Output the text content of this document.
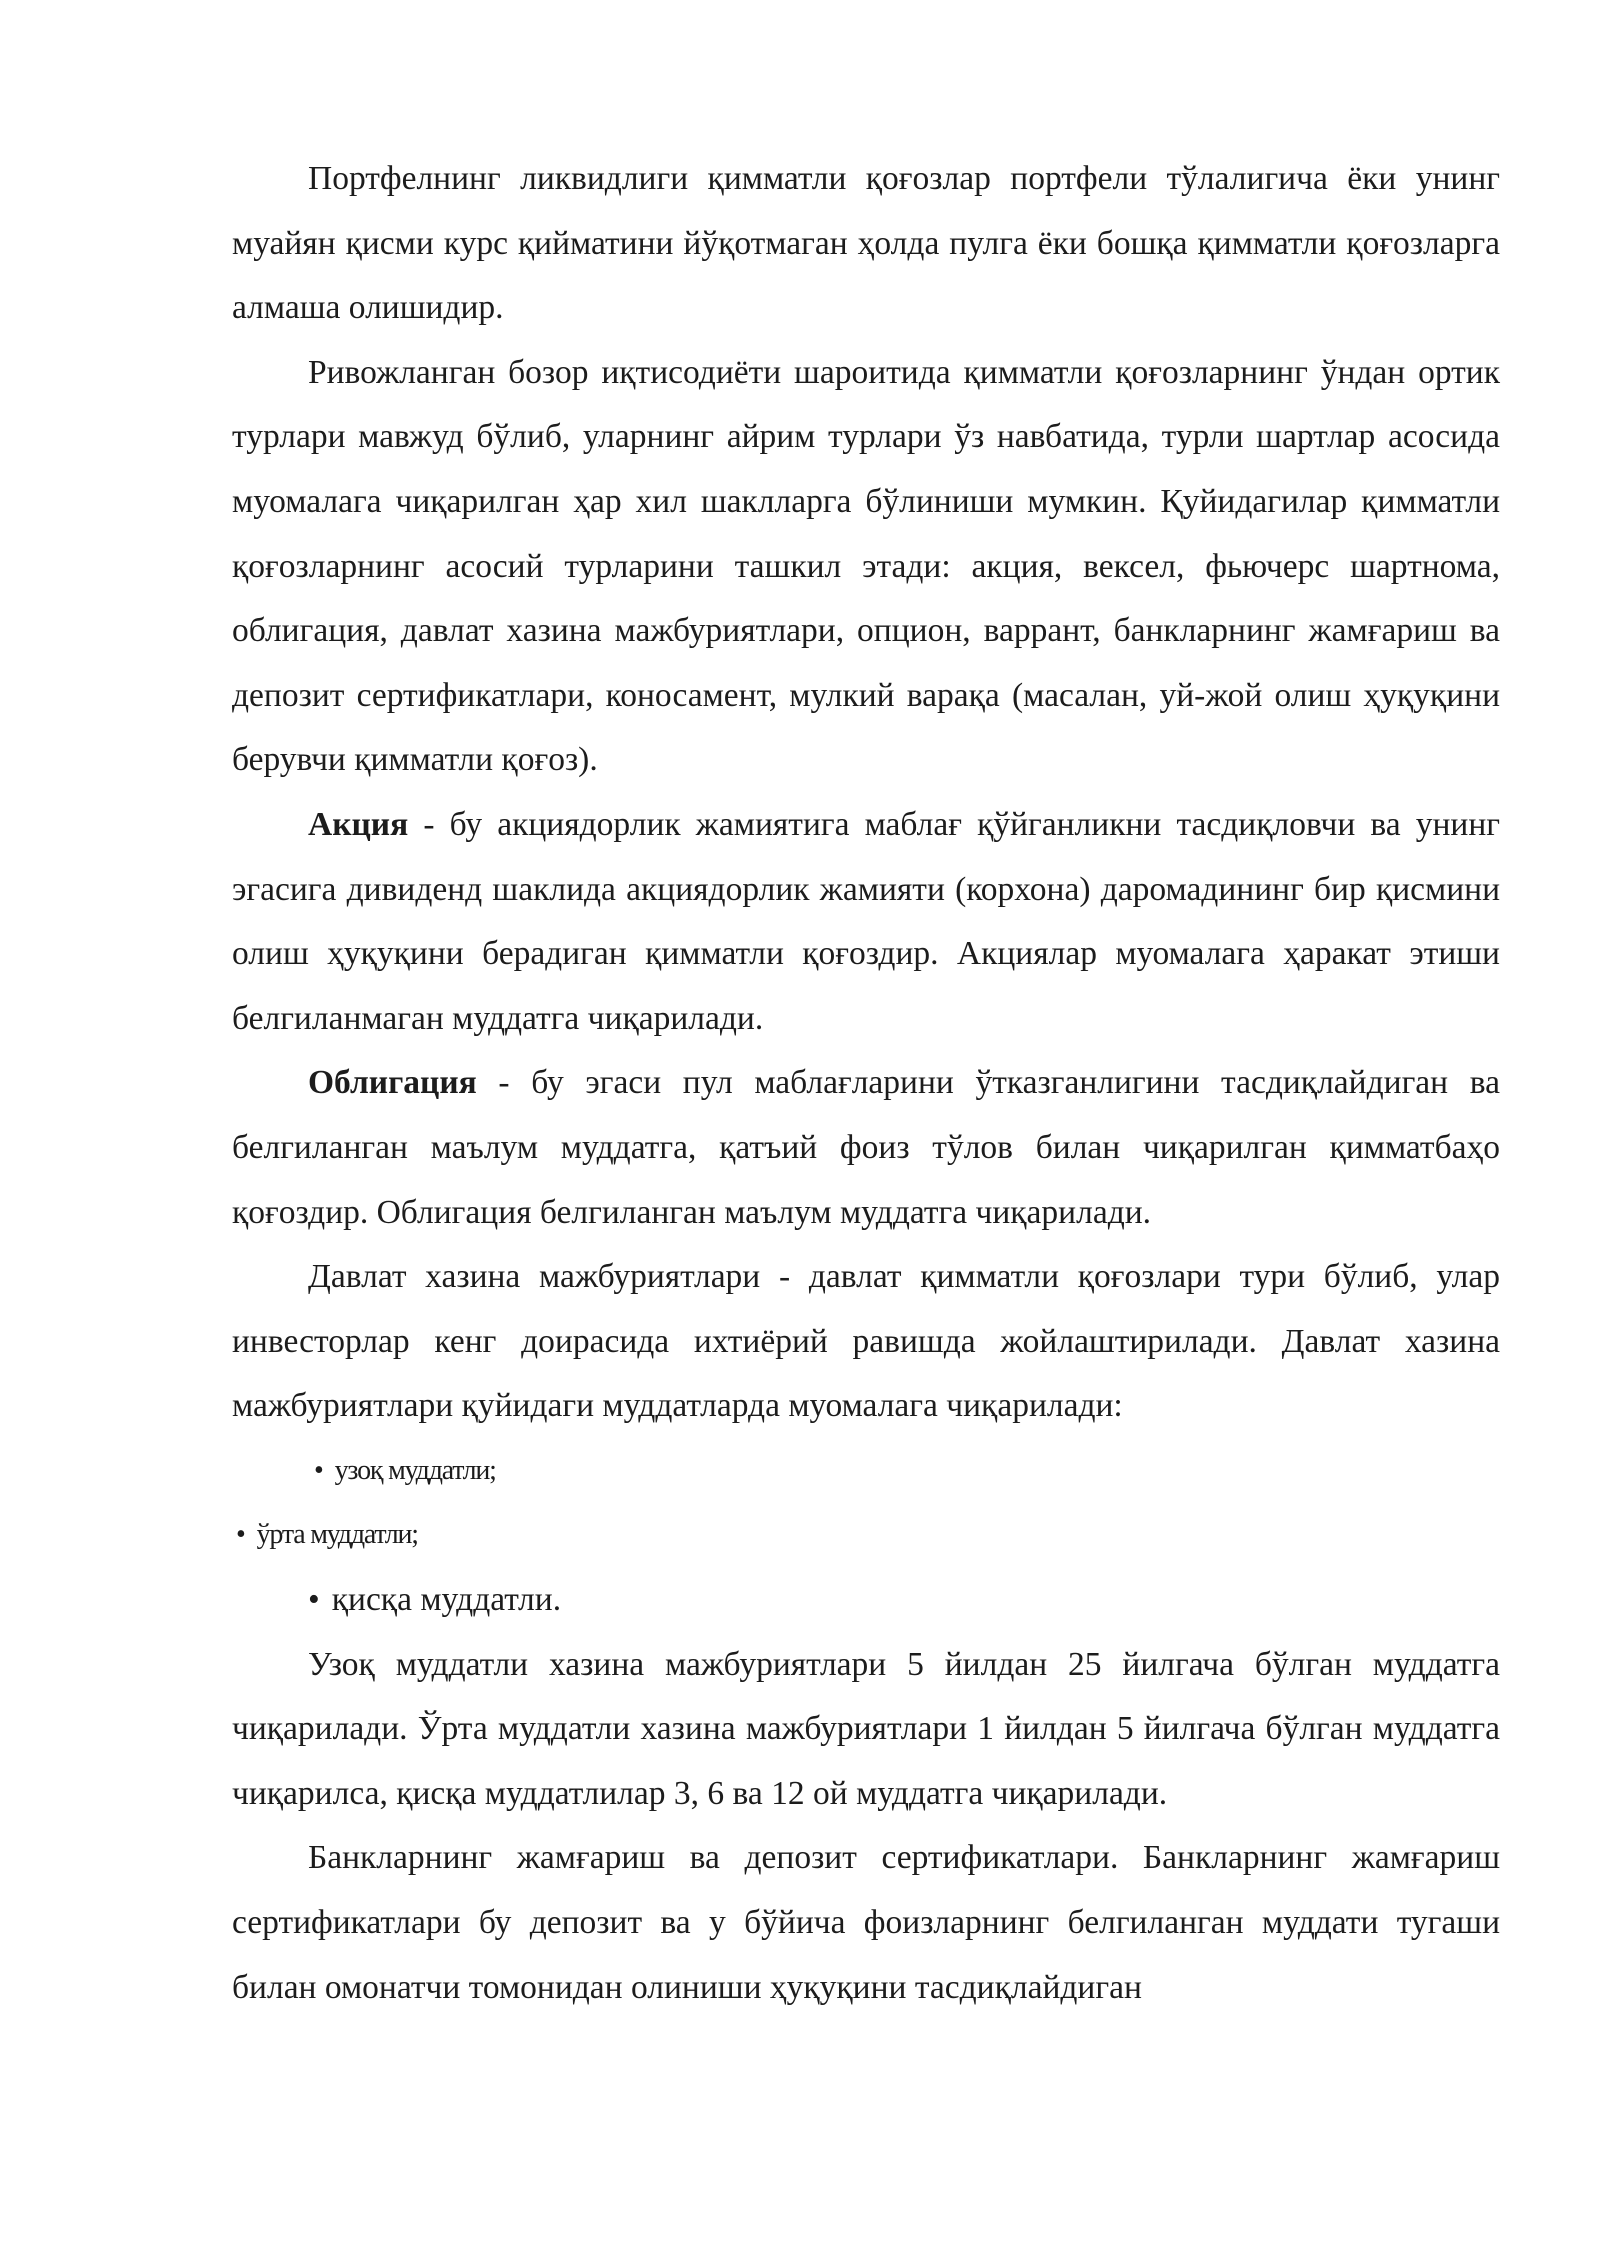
Портфелнинг ликвидлиги қимматли қоғозлар портфели тўлалигича ёки унинг муайян қисми курс қийматини йўқотмаган ҳолда пулга ёки бошқа қимматли қоғозларга алмаша олишидир.

Ривожланган бозор иқтисодиёти шароитида қимматли қоғозларнинг ўндан ортик турлари мавжуд бўлиб, уларнинг айрим турлари ўз навбатида, турли шартлар асосида муомалага чиқарилган ҳар хил шаклларга бўлиниши мумкин. Қуйидагилар қимматли қоғозларнинг асосий турларини ташкил этади: акция, вексел, фьючерс шартнома, облигация, давлат хазина мажбуриятлари, опцион, варрант, банкларнинг жамғариш ва депозит сертификатлари, коносамент, мулкий варақа (масалан, уй-жой олиш ҳуқуқини берувчи қимматли қоғоз).

Акция - бу акциядорлик жамиятига маблағ қўйганликни тасдиқловчи ва унинг эгасига дивиденд шаклида акциядорлик жамияти (корхона) даромадининг бир қисмини олиш ҳуқуқини берадиган қимматли қоғоздир. Акциялар муомалага ҳаракат этиши белгиланмаган муддатга чиқарилади.

Облигация - бу эгаси пул маблағларини ўтказганлигини тасдиқлайдиган ва белгиланган маълум муддатга, қатъий фоиз тўлов билан чиқарилган қимматбаҳо қоғоздир. Облигация белгиланган маълум муддатга чиқарилади.

Давлат хазина мажбуриятлари - давлат қимматли қоғозлари тури бўлиб, улар инвесторлар кенг доирасида ихтиёрий равишда жойлаштирилади. Давлат хазина мажбуриятлари қуйидаги муддатларда муомалага чиқарилади:

• узоқ муддатли;
• ўрта муддатли;
• қисқа муддатли.

Узоқ муддатли хазина мажбуриятлари 5 йилдан 25 йилгача бўлган муддатга чиқарилади. Ўрта муддатли хазина мажбуриятлари 1 йилдан 5 йилгача бўлган муддатга чиқарилса, қисқа муддатлилар 3, 6 ва 12 ой муддатга чиқарилади.

Банкларнинг жамғариш ва депозит сертификатлари. Банкларнинг жамғариш сертификатлари бу депозит ва у бўйича фоизларнинг белгиланган муддати тугаши билан омонатчи томонидан олиниши ҳуқуқини тасдиқлайдиган
